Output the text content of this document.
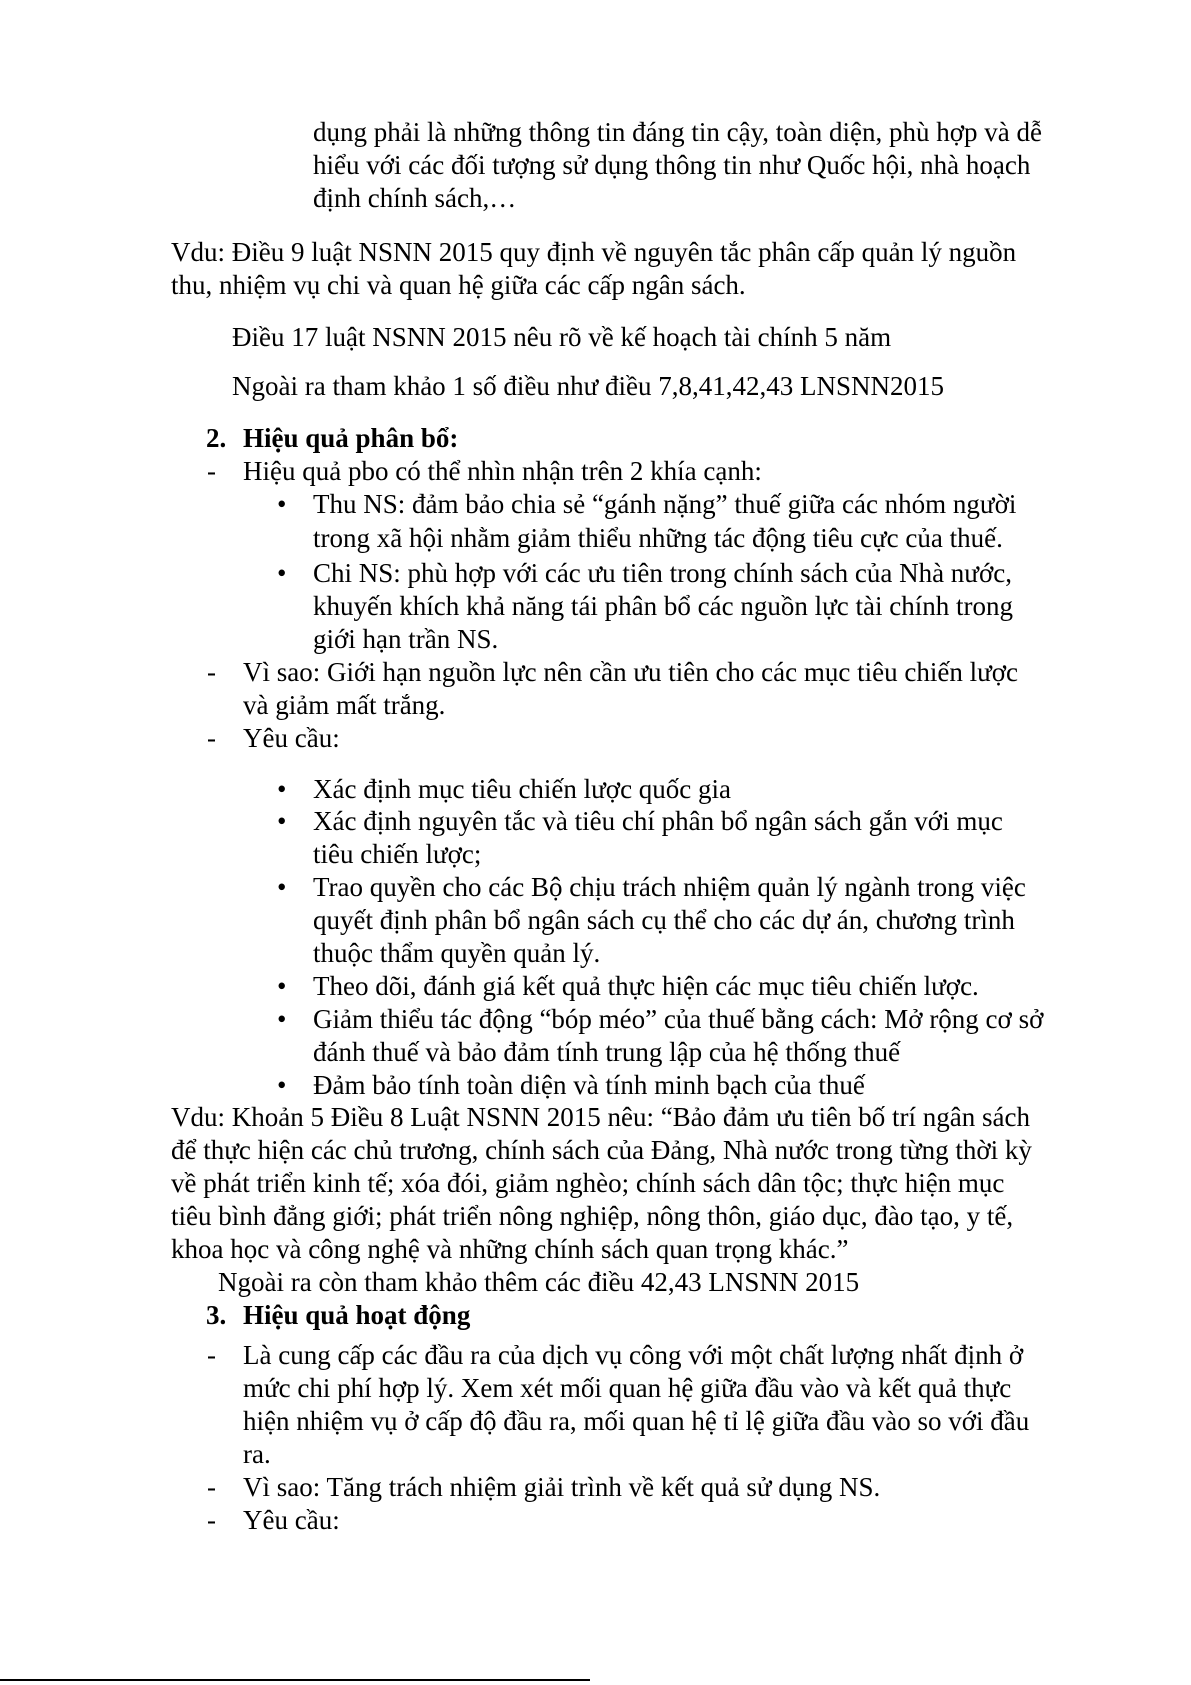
dụng phải là những thông tin đáng tin cậy, toàn diện, phù hợp và dễ
hiểu với các đối tượng sử dụng thông tin như Quốc hội, nhà hoạch
định chính sách,…
Vdu: Điều 9 luật NSNN 2015 quy định về nguyên tắc phân cấp quản lý nguồn
thu, nhiệm vụ chi và quan hệ giữa các cấp ngân sách.
Điều 17 luật NSNN 2015 nêu rõ về kế hoạch tài chính 5 năm
Ngoài ra tham khảo 1 số điều như điều 7,8,41,42,43 LNSNN2015
2. Hiệu quả phân bổ:
- Hiệu quả pbo có thể nhìn nhận trên 2 khía cạnh:
• Thu NS: đảm bảo chia sẻ “gánh nặng” thuế giữa các nhóm người
trong xã hội nhằm giảm thiểu những tác động tiêu cực của thuế.
• Chi NS: phù hợp với các ưu tiên trong chính sách của Nhà nước,
khuyến khích khả năng tái phân bổ các nguồn lực tài chính trong
giới hạn trần NS.
- Vì sao: Giới hạn nguồn lực nên cần ưu tiên cho các mục tiêu chiến lược
và giảm mất trắng.
- Yêu cầu:
• Xác định mục tiêu chiến lược quốc gia
• Xác định nguyên tắc và tiêu chí phân bổ ngân sách gắn với mục
tiêu chiến lược;
• Trao quyền cho các Bộ chịu trách nhiệm quản lý ngành trong việc
quyết định phân bổ ngân sách cụ thể cho các dự án, chương trình
thuộc thẩm quyền quản lý.
• Theo dõi, đánh giá kết quả thực hiện các mục tiêu chiến lược.
• Giảm thiểu tác động “bóp méo” của thuế bằng cách: Mở rộng cơ sở
đánh thuế và bảo đảm tính trung lập của hệ thống thuế
• Đảm bảo tính toàn diện và tính minh bạch của thuế
Vdu: Khoản 5 Điều 8 Luật NSNN 2015 nêu: “Bảo đảm ưu tiên bố trí ngân sách
để thực hiện các chủ trương, chính sách của Đảng, Nhà nước trong từng thời kỳ
về phát triển kinh tế; xóa đói, giảm nghèo; chính sách dân tộc; thực hiện mục
tiêu bình đẳng giới; phát triển nông nghiệp, nông thôn, giáo dục, đào tạo, y tế,
khoa học và công nghệ và những chính sách quan trọng khác.”
Ngoài ra còn tham khảo thêm các điều 42,43 LNSNN 2015
3. Hiệu quả hoạt động
- Là cung cấp các đầu ra của dịch vụ công với một chất lượng nhất định ở
mức chi phí hợp lý. Xem xét mối quan hệ giữa đầu vào và kết quả thực
hiện nhiệm vụ ở cấp độ đầu ra, mối quan hệ tỉ lệ giữa đầu vào so với đầu
ra.
- Vì sao: Tăng trách nhiệm giải trình về kết quả sử dụng NS.
- Yêu cầu:
